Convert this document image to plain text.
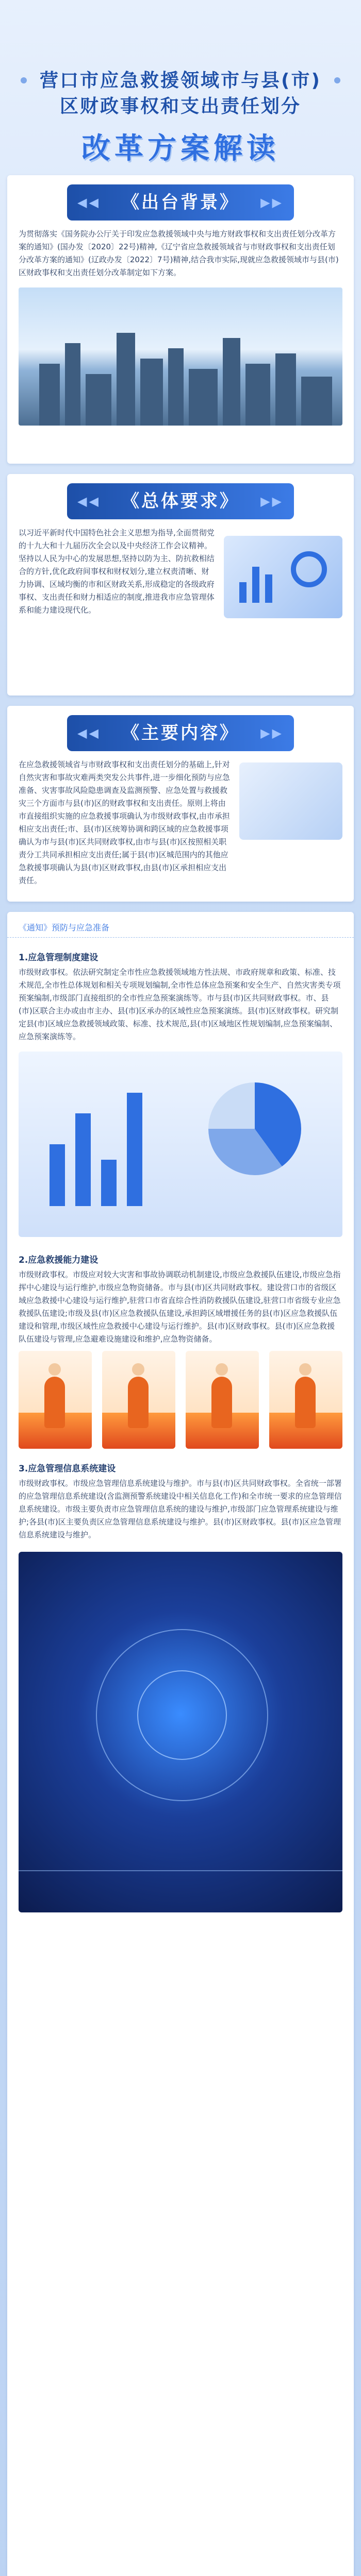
营口市应急救援领域市与县(市)
区财政事权和支出责任划分
改革方案解读
◀◀ 《出台背景》 ▶▶
为贯彻落实《国务院办公厅关于印发应急救援领域中央与地方财政事权和支出责任划分改革方案的通知》(国办发〔2020〕22号)精神,《辽宁省应急救援领域省与市财政事权和支出责任划分改革方案的通知》(辽政办发〔2022〕7号)精神,结合我市实际,现就应急救援领域市与县(市)区财政事权和支出责任划分改革制定如下方案。
◀◀ 《总体要求》 ▶▶
以习近平新时代中国特色社会主义思想为指导,全面贯彻党的十九大和十九届历次全会以及中央经济工作会议精神。坚持以人民为中心的发展思想,坚持以防为主、防抗救相结合的方针,优化政府间事权和财权划分,建立权责清晰、财力协调、区域均衡的市和区财政关系,形成稳定的各级政府事权、支出责任和财力相适应的制度,推进我市应急管理体系和能力建设现代化。
◀◀ 《主要内容》 ▶▶
在应急救援领域省与市财政事权和支出责任划分的基础上,针对自然灾害和事故灾难两类突发公共事件,进一步细化预防与应急准备、灾害事故风险隐患调查及监测预警、应急处置与救援救灾三个方面市与县(市)区的财政事权和支出责任。原则上将由市直接组织实施的应急救援事项确认为市级财政事权,由市承担相应支出责任;市、县(市)区统筹协调和跨区域的应急救援事项确认为市与县(市)区共同财政事权,由市与县(市)区按照相关职责分工共同承担相应支出责任;属于县(市)区城范围内的其他应急救援事项确认为县(市)区财政事权,由县(市)区承担相应支出责任。
《通知》预防与应急准备
1.应急管理制度建设
市级财政事权。依法研究制定全市性应急救援领域地方性法规、市政府规章和政策、标准、技术规范,全市性总体规划和相关专项规划编制,全市性总体应急预案和安全生产、自然灾害类专项预案编制,市级部门直接组织的全市性应急预案演练等。市与县(市)区共同财政事权。市、县(市)区联合主办或由市主办、县(市)区承办的区域性应急预案演练。县(市)区财政事权。研究制定县(市)区域应急救援领域政策、标准、技术规范,县(市)区域地区性规划编制,应急预案编制、应急预案演练等。
2.应急救援能力建设
市级财政事权。市级应对较大灾害和事故协调联动机制建设,市级应急救援队伍建设,市级应急指挥中心建设与运行维护,市级应急物资储备。市与县(市)区共同财政事权。建设营口市的省级区域应急救援中心建设与运行维护,驻营口市省直综合性消防救援队伍建设,驻营口市省级专业应急救援队伍建设;市级及县(市)区应急救援队伍建设,承担跨区域增援任务的县(市)区应急救援队伍建设和管理,市级区域性应急救援中心建设与运行维护。县(市)区财政事权。县(市)区应急救援队伍建设与管理,应急避难设施建设和维护,应急物资储备。
3.应急管理信息系统建设
市级财政事权。市级应急管理信息系统建设与维护。市与县(市)区共同财政事权。全省统一部署的应急管理信息系统建设(含监测预警系统建设中相关信息化工作)和全市统一要求的应急管理信息系统建设。市级主要负责市应急管理信息系统的建设与维护,市级部门应急管理系统建设与维护;各县(市)区主要负责区应急管理信息系统建设与维护。县(市)区财政事权。县(市)区应急管理信息系统建设与维护。
